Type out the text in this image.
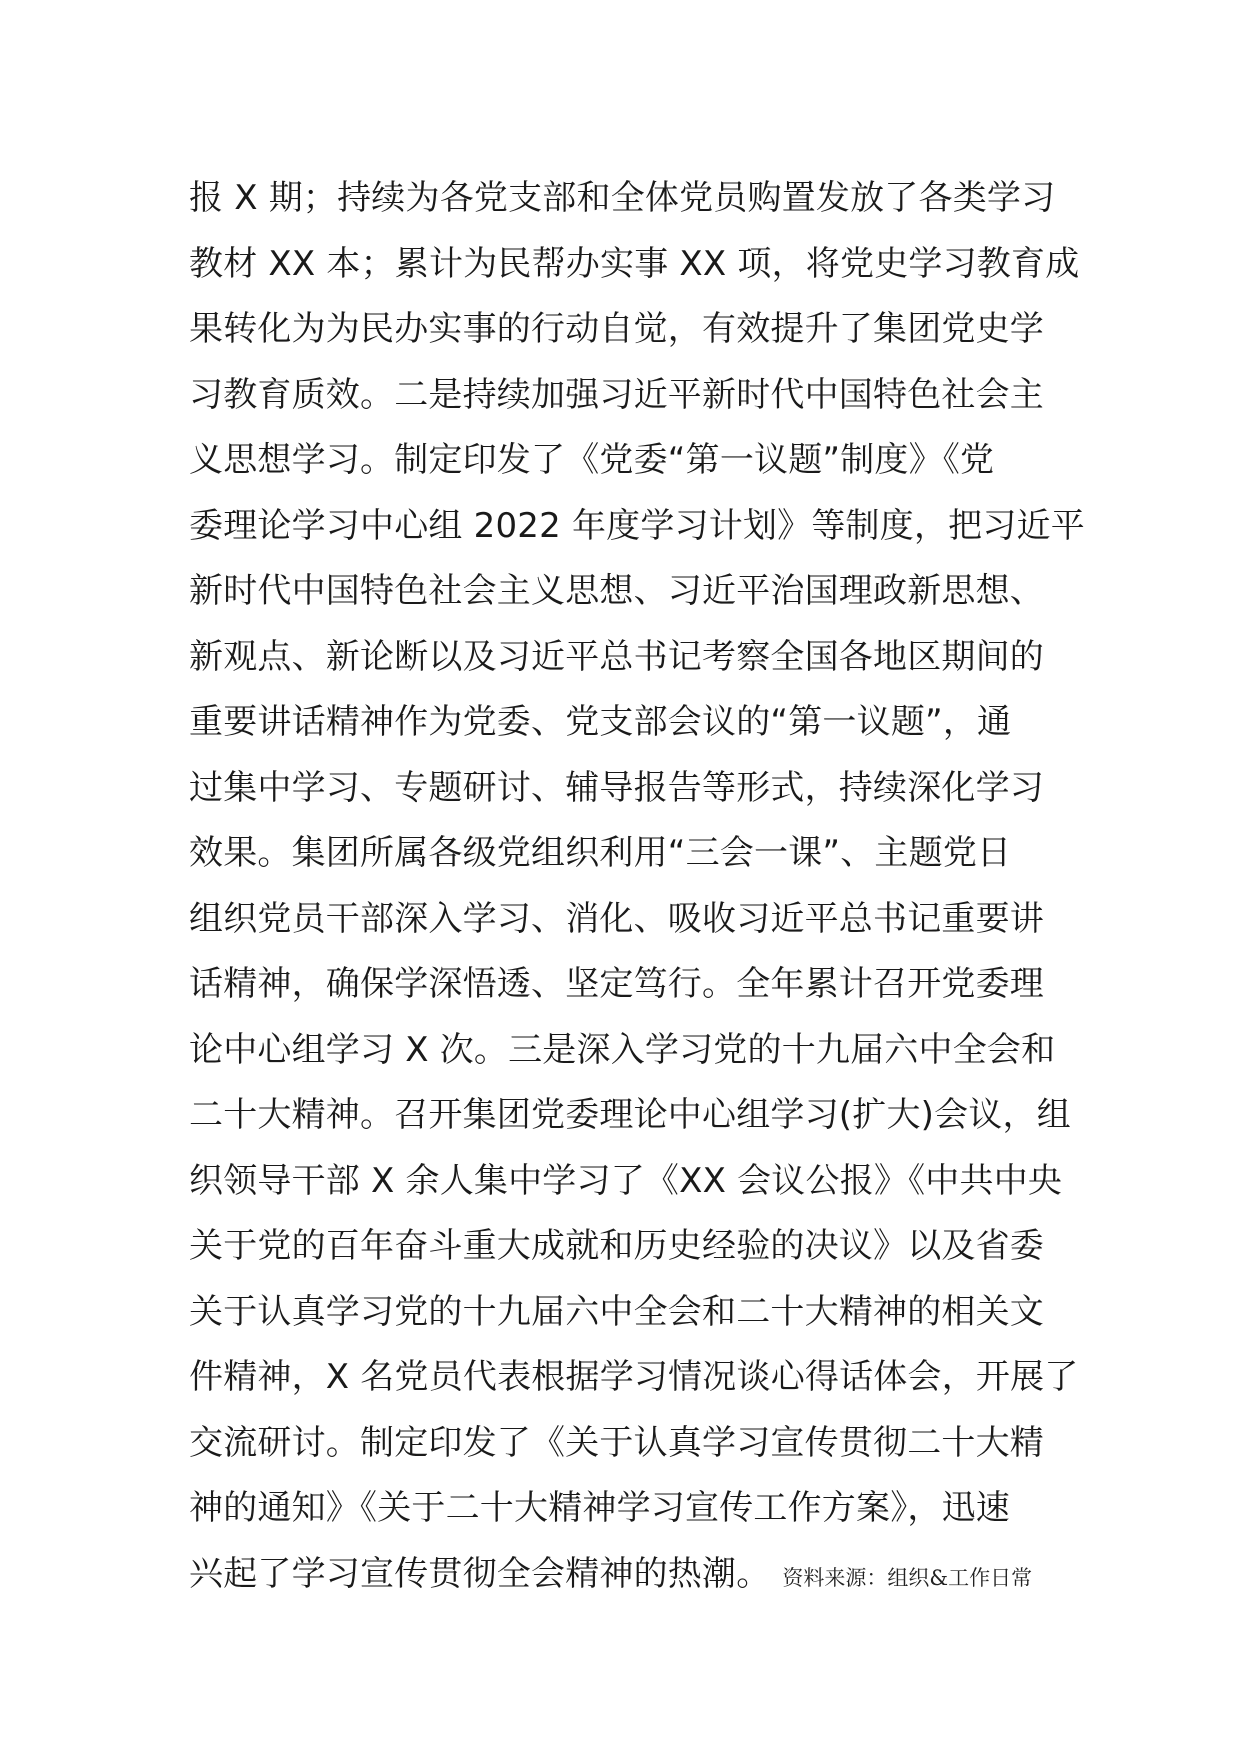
报 X 期；持续为各党支部和全体党员购置发放了各类学习
教材 XX 本；累计为民帮办实事 XX 项，将党史学习教育成
果转化为为民办实事的行动自觉，有效提升了集团党史学
习教育质效。二是持续加强习近平新时代中国特色社会主
义思想学习。制定印发了《党委“第一议题”制度》《党
委理论学习中心组 2022 年度学习计划》等制度，把习近平
新时代中国特色社会主义思想、习近平治国理政新思想、
新观点、新论断以及习近平总书记考察全国各地区期间的
重要讲话精神作为党委、党支部会议的“第一议题”，通
过集中学习、专题研讨、辅导报告等形式，持续深化学习
效果。集团所属各级党组织利用“三会一课”、主题党日
组织党员干部深入学习、消化、吸收习近平总书记重要讲
话精神，确保学深悟透、坚定笃行。全年累计召开党委理
论中心组学习 X 次。三是深入学习党的十九届六中全会和
二十大精神。召开集团党委理论中心组学习(扩大)会议，组
织领导干部 X 余人集中学习了《XX 会议公报》《中共中央
关于党的百年奋斗重大成就和历史经验的决议》以及省委
关于认真学习党的十九届六中全会和二十大精神的相关文
件精神，X 名党员代表根据学习情况谈心得话体会，开展了
交流研讨。制定印发了《关于认真学习宣传贯彻二十大精
神的通知》《关于二十大精神学习宣传工作方案》，迅速
兴起了学习宣传贯彻全会精神的热潮。 资料来源：组织&工作日常
